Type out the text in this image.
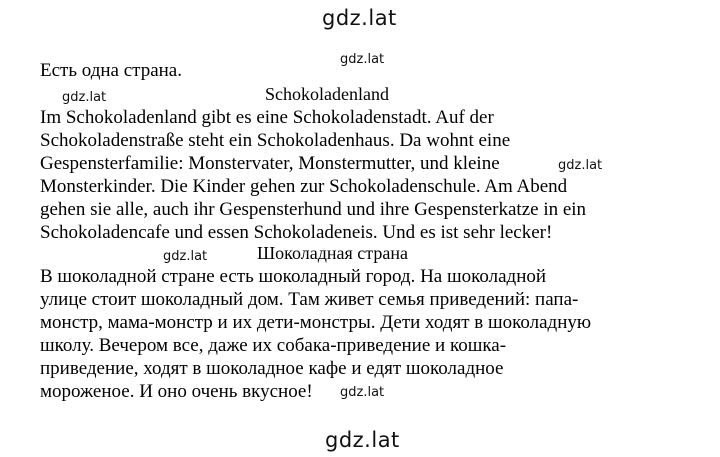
gdz.lat
gdz.lat
gdz.lat
gdz.lat
gdz.lat
gdz.lat
gdz.lat
Есть одна страна.
Schokoladenland
Im Schokoladenland gibt es eine Schokoladenstadt. Auf der
Schokoladenstraße steht ein Schokoladenhaus. Da wohnt eine
Gespensterfamilie: Monstervater, Monstermutter, und kleine
Monsterkinder. Die Kinder gehen zur Schokoladenschule. Am Abend
gehen sie alle, auch ihr Gespensterhund und ihre Gespensterkatze in ein
Schokoladencafe und essen Schokoladeneis. Und es ist sehr lecker!
Шоколадная страна
В шоколадной стране есть шоколадный город. На шоколадной
улице стоит шоколадный дом. Там живет семья приведений: папа-
монстр, мама-монстр и их дети-монстры. Дети ходят в шоколадную
школу. Вечером все, даже их собака-приведение и кошка-
приведение, ходят в шоколадное кафе и едят шоколадное
мороженое. И оно очень вкусное!
